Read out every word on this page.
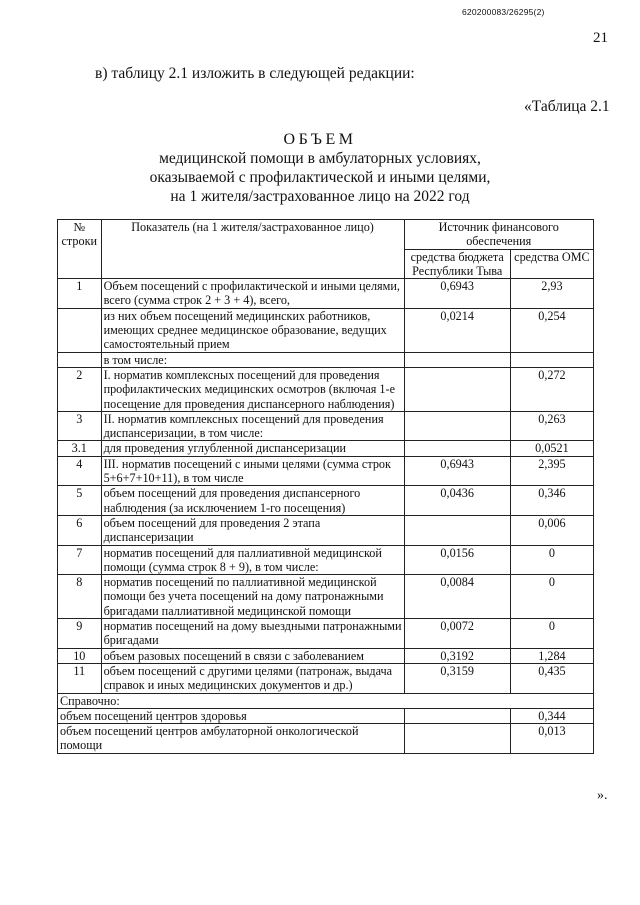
620200083/26295(2)
21
в) таблицу 2.1 изложить в следующей редакции:
«Таблица 2.1
ОБЪЕМ
медицинской помощи в амбулаторных условиях,
оказываемой с профилактической и иными целями,
на 1 жителя/застрахованное лицо на 2022 год
№ строки	Показатель (на 1 жителя/застрахованное лицо)	Источник финансового обеспечения	
		средства бюджета Республики Тыва	средства ОМС
1	Объем посещений с профилактической и иными целями, всего (сумма строк 2 + 3 + 4), всего,	0,6943	2,93
	из них объем посещений медицинских работников, имеющих среднее медицинское образование, ведущих самостоятельный прием	0,0214	0,254
	в том числе:		
2	I. норматив комплексных посещений для проведения профилактических медицинских осмотров (включая 1-е посещение для проведения диспансерного наблюдения)		0,272
3	II. норматив комплексных посещений для проведения диспансеризации, в том числе:		0,263
3.1	для проведения углубленной диспансеризации		0,0521
4	III. норматив посещений с иными целями (сумма строк 5+6+7+10+11), в том числе	0,6943	2,395
5	объем посещений для проведения диспансерного наблюдения (за исключением 1-го посещения)	0,0436	0,346
6	объем посещений для проведения 2 этапа диспансеризации		0,006
7	норматив посещений для паллиативной медицинской помощи (сумма строк 8 + 9), в том числе:	0,0156	0
8	норматив посещений по паллиативной медицинской помощи без учета посещений на дому патронажными бригадами паллиативной медицинской помощи	0,0084	0
9	норматив посещений на дому выездными патронажными бригадами	0,0072	0
10	объем разовых посещений в связи с заболеванием	0,3192	1,284
11	объем посещений с другими целями (патронаж, выдача справок и иных медицинских документов и др.)	0,3159	0,435
Справочно:			
объем посещений центров здоровья			0,344
объем посещений центров амбулаторной онкологической помощи			0,013
».
